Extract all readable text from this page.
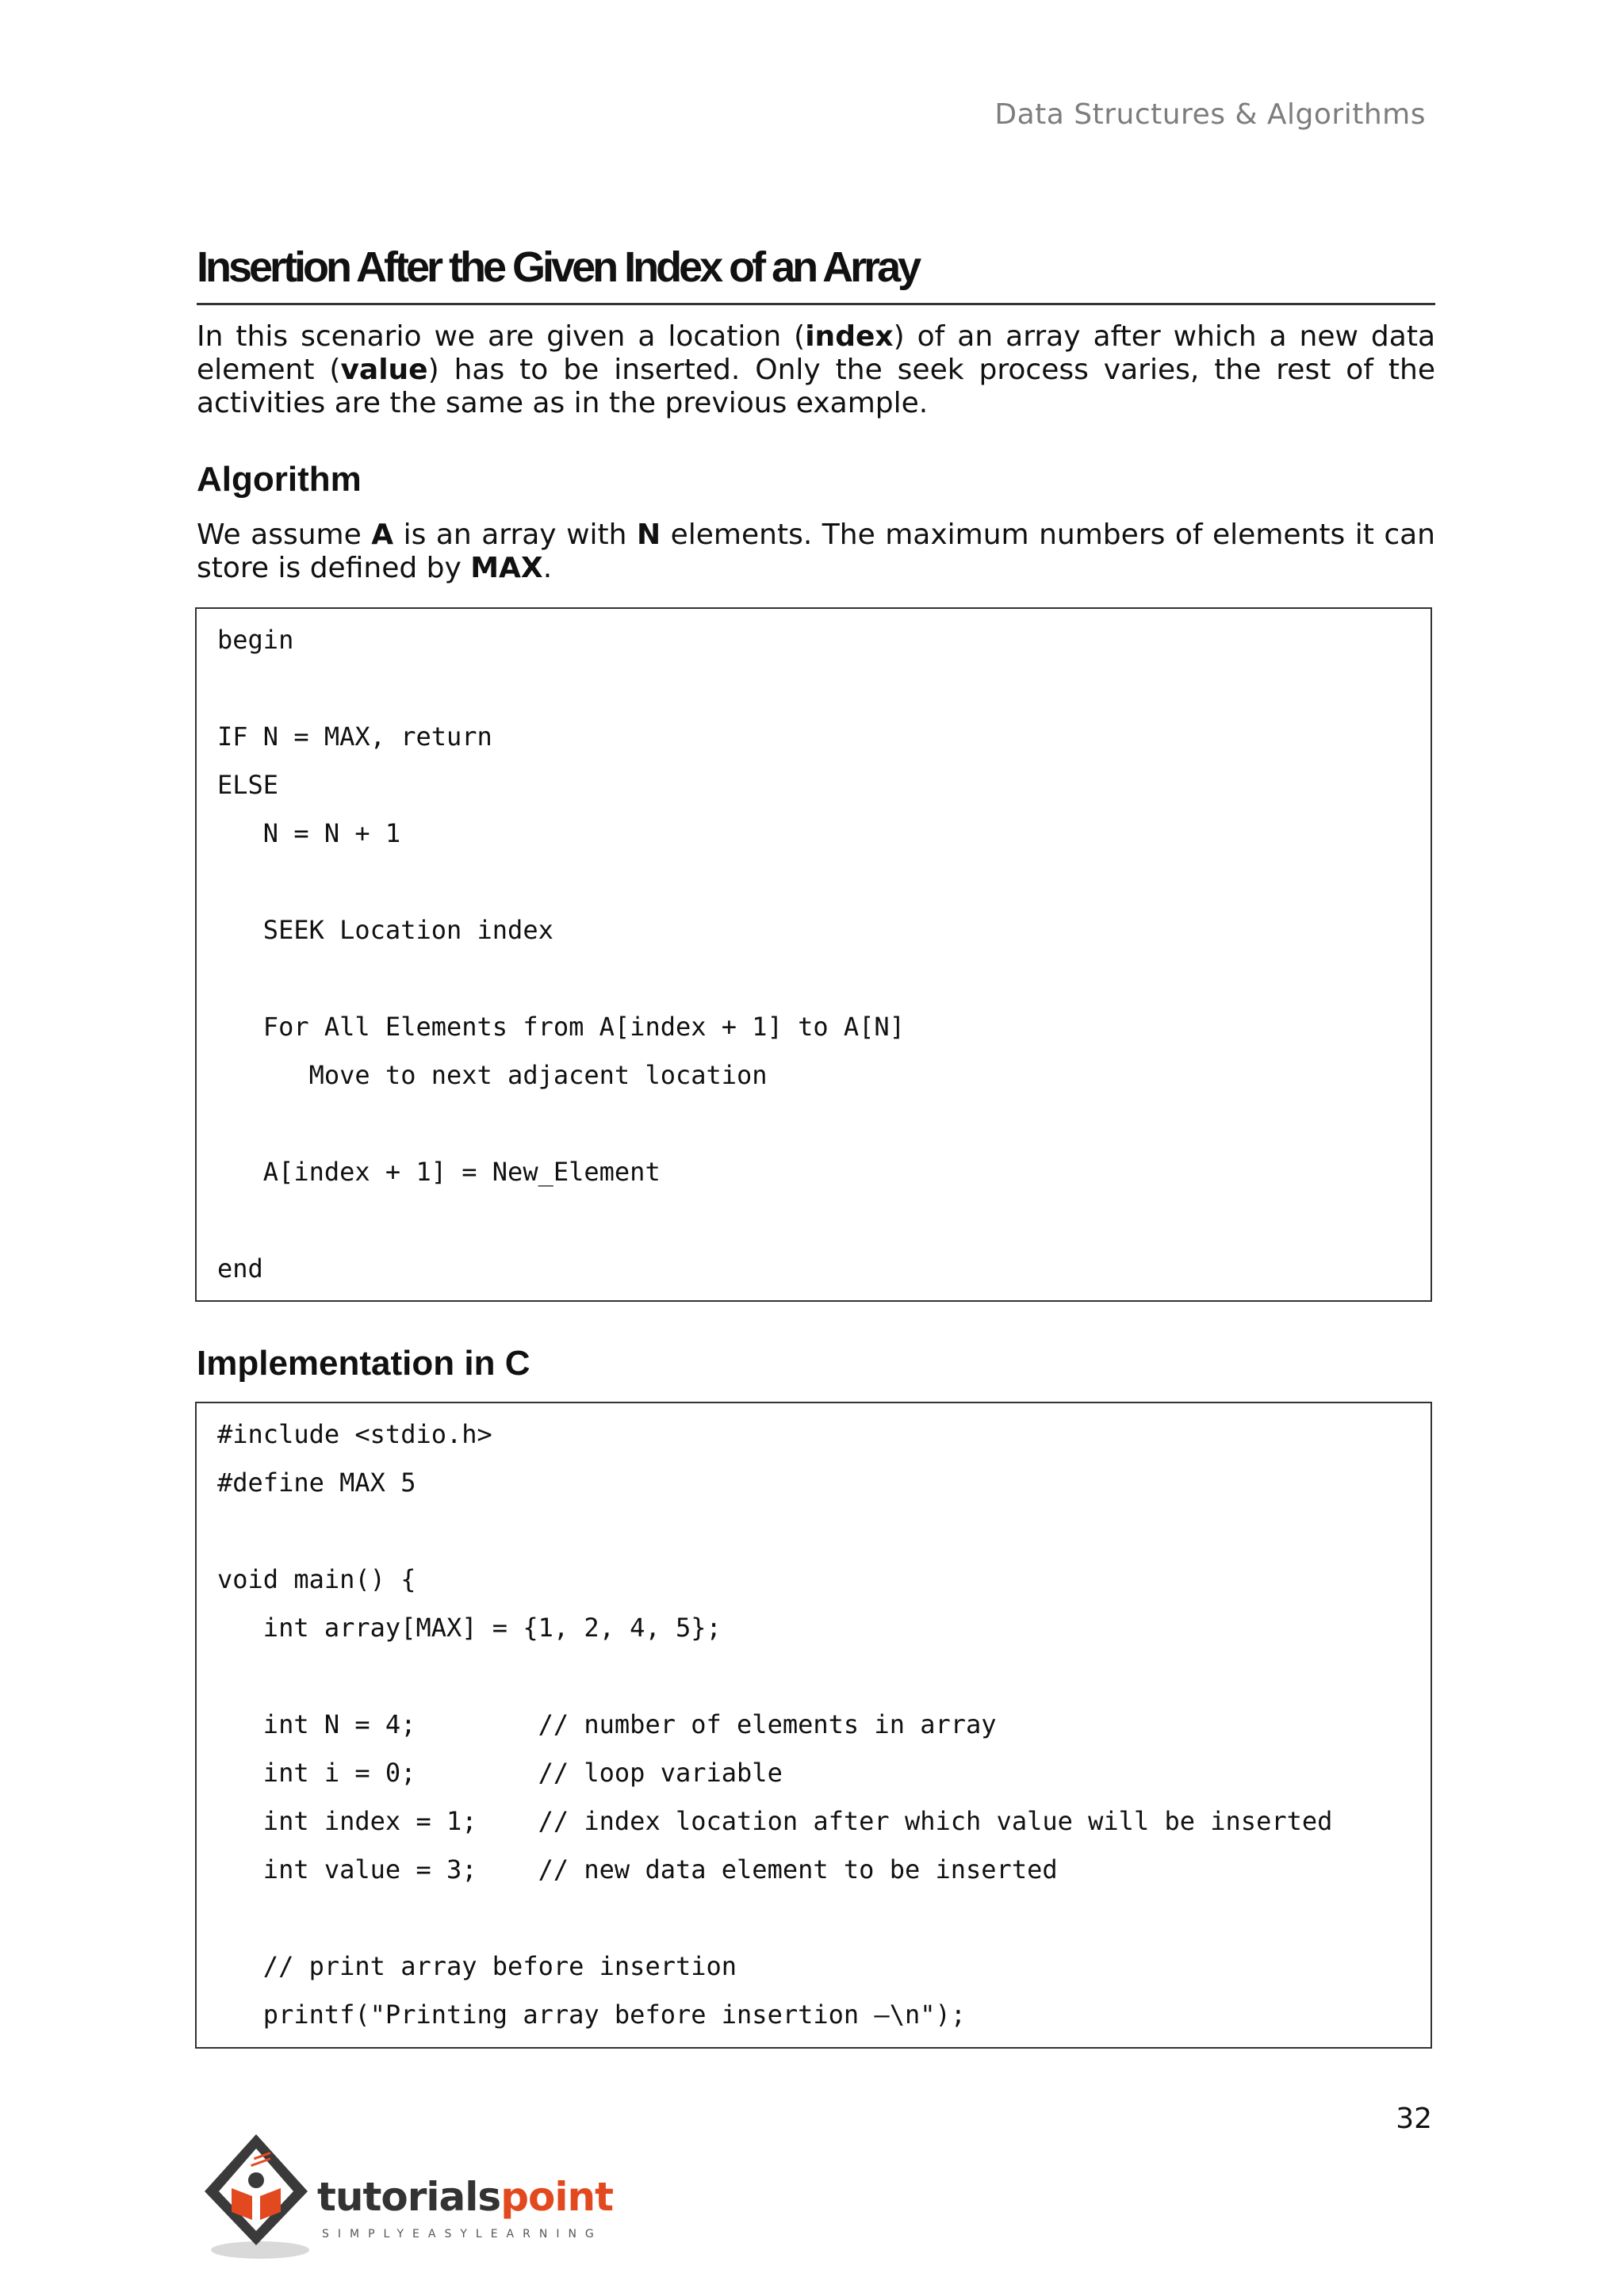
Data Structures & Algorithms
Insertion After the Given Index of an Array

In this scenario we are given a location (index) of an array after which a new data element (value) has to be inserted. Only the seek process varies, the rest of the activities are the same as in the previous example.

Algorithm

We assume A is an array with N elements. The maximum numbers of elements it can store is defined by MAX.

begin
IF N = MAX, return
ELSE
N = N + 1
SEEK Location index
For All Elements from A[index + 1] to A[N]
Move to next adjacent location
A[index + 1] = New_Element
end
Implementation in C
#include <stdio.h>
#define MAX 5
void main() {
int array[MAX] = {1, 2, 4, 5};
int N = 4;        // number of elements in array
int i = 0;        // loop variable
int index = 1;    // index location after which value will be inserted
int value = 3;    // new data element to be inserted
// print array before insertion
printf("Printing array before insertion –\n");
32
tutorialspoint
SIMPLYEASYLEARNING
